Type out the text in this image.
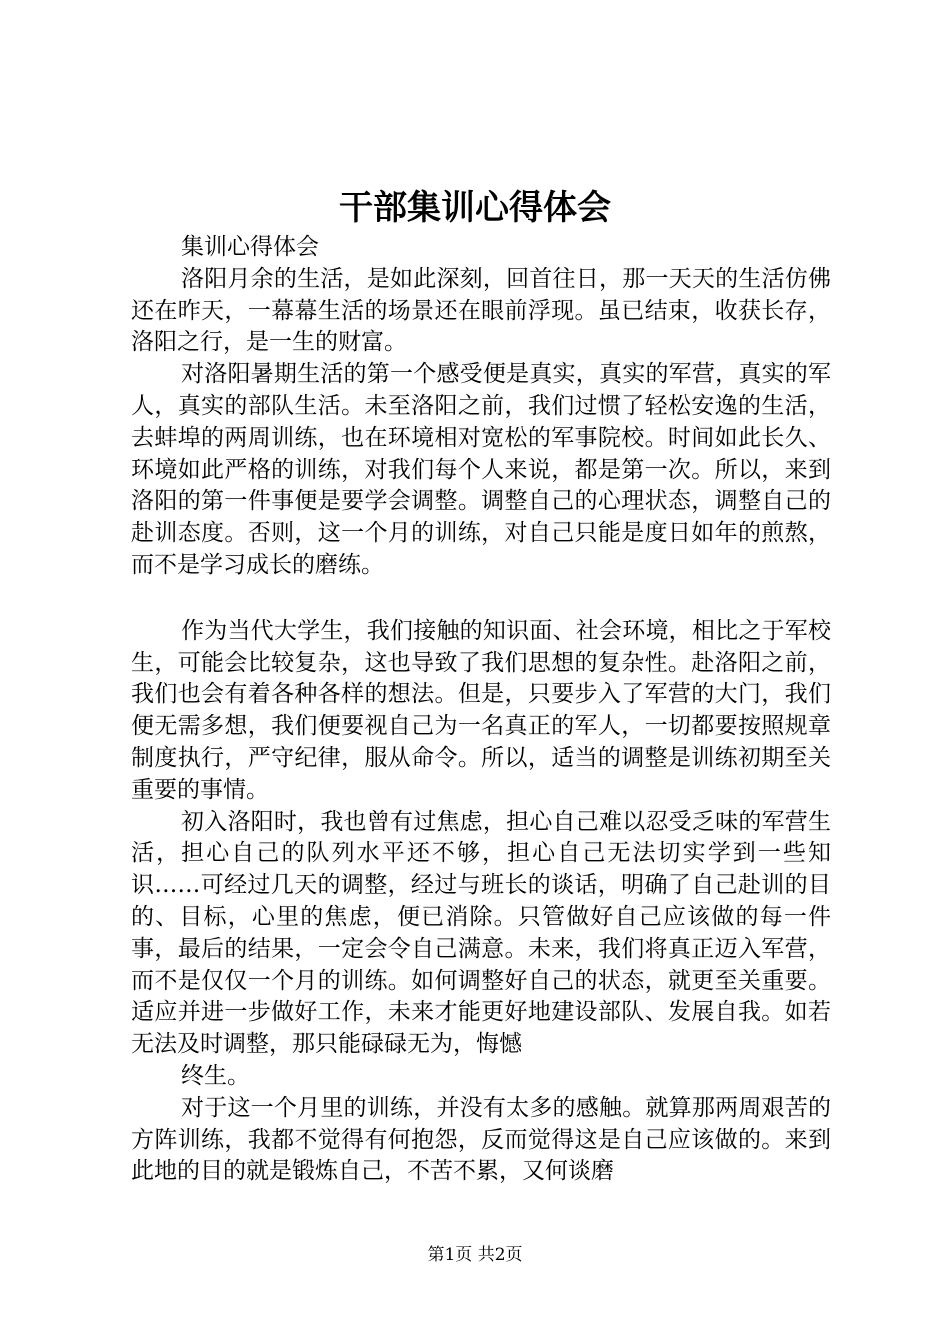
干部集训心得体会

集训心得体会

洛阳月余的生活，是如此深刻，回首往日，那一天天的生活仿佛还在昨天，一幕幕生活的场景还在眼前浮现。虽已结束，收获长存，洛阳之行，是一生的财富。

对洛阳暑期生活的第一个感受便是真实，真实的军营，真实的军人，真实的部队生活。未至洛阳之前，我们过惯了轻松安逸的生活，去蚌埠的两周训练，也在环境相对宽松的军事院校。时间如此长久、环境如此严格的训练，对我们每个人来说，都是第一次。所以，来到洛阳的第一件事便是要学会调整。调整自己的心理状态，调整自己的赴训态度。否则，这一个月的训练，对自己只能是度日如年的煎熬，而不是学习成长的磨练。

作为当代大学生，我们接触的知识面、社会环境，相比之于军校生，可能会比较复杂，这也导致了我们思想的复杂性。赴洛阳之前，我们也会有着各种各样的想法。但是，只要步入了军营的大门，我们便无需多想，我们便要视自己为一名真正的军人，一切都要按照规章制度执行，严守纪律，服从命令。所以，适当的调整是训练初期至关重要的事情。

初入洛阳时，我也曾有过焦虑，担心自己难以忍受乏味的军营生活，担心自己的队列水平还不够，担心自己无法切实学到一些知识……可经过几天的调整，经过与班长的谈话，明确了自己赴训的目的、目标，心里的焦虑，便已消除。只管做好自己应该做的每一件事，最后的结果，一定会令自己满意。未来，我们将真正迈入军营，而不是仅仅一个月的训练。如何调整好自己的状态，就更至关重要。适应并进一步做好工作，未来才能更好地建设部队、发展自我。如若无法及时调整，那只能碌碌无为，悔憾

终生。

对于这一个月里的训练，并没有太多的感触。就算那两周艰苦的方阵训练，我都不觉得有何抱怨，反而觉得这是自己应该做的。来到此地的目的就是锻炼自己，不苦不累，又何谈磨

第1页 共2页
